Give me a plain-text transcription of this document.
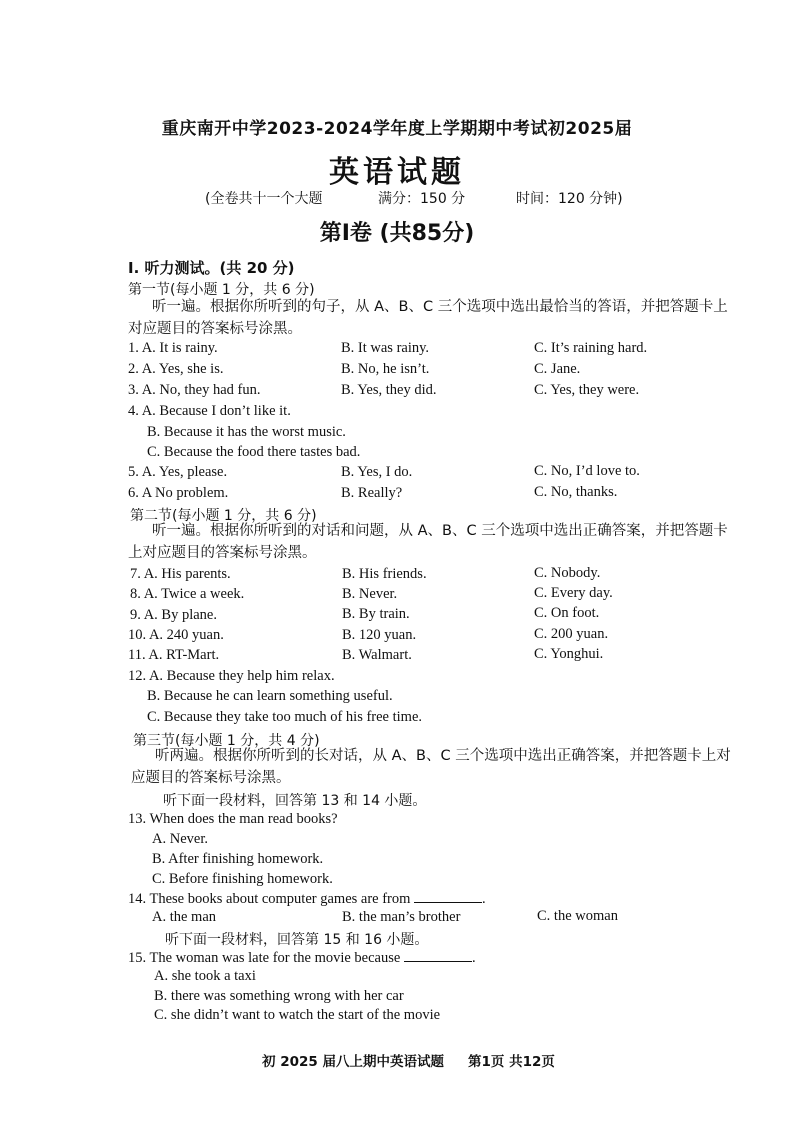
重庆南开中学2023-2024学年度上学期期中考试初2025届
英语试题
(全卷共十一个大题	满分：150 分	时间：120 分钟)
第I卷 (共85分)
I. 听力测试。(共 20 分)
第一节(每小题 1 分，共 6 分)
听一遍。根据你所听到的句子，从 A、B、C 三个选项中选出最恰当的答语，并把答题卡上对应题目的答案标号涂黑。
1. A. It is rainy.	B. It was rainy.	C. It’s raining hard.
2. A. Yes, she is.	B. No, he isn’t.	C. Jane.
3. A. No, they had fun.	B. Yes, they did.	C. Yes, they were.
4. A. Because I don’t like it.
B. Because it has the worst music.
C. Because the food there tastes bad.
5. A. Yes, please.	B. Yes, I do.	C. No, I’d love to.
6. A No problem.	B. Really?	C. No, thanks.
第二节(每小题 1 分，共 6 分)
听一遍。根据你所听到的对话和问题，从 A、B、C 三个选项中选出正确答案，并把答题卡上对应题目的答案标号涂黑。
7. A. His parents.	B. His friends.	C. Nobody.
8. A. Twice a week.	B. Never.	C. Every day.
9. A. By plane.	B. By train.	C. On foot.
10. A. 240 yuan.	B. 120 yuan.	C. 200 yuan.
11. A. RT-Mart.	B. Walmart.	C. Yonghui.
12. A. Because they help him relax.
B. Because he can learn something useful.
C. Because they take too much of his free time.
第三节(每小题 1 分，共 4 分)
听两遍。根据你所听到的长对话，从 A、B、C 三个选项中选出正确答案，并把答题卡上对应题目的答案标号涂黑。
听下面一段材料，回答第 13 和 14 小题。
13. When does the man read books?
A. Never.
B. After finishing homework.
C. Before finishing homework.
14. These books about computer games are from	.
A. the man	B. the man’s brother	C. the woman
听下面一段材料，回答第 15 和 16 小题。
15. The woman was late for the movie because	.
A. she took a taxi
B. there was something wrong with her car
C. she didn’t want to watch the start of the movie
初 2025 届八上期中英语试题 第1页 共12页
